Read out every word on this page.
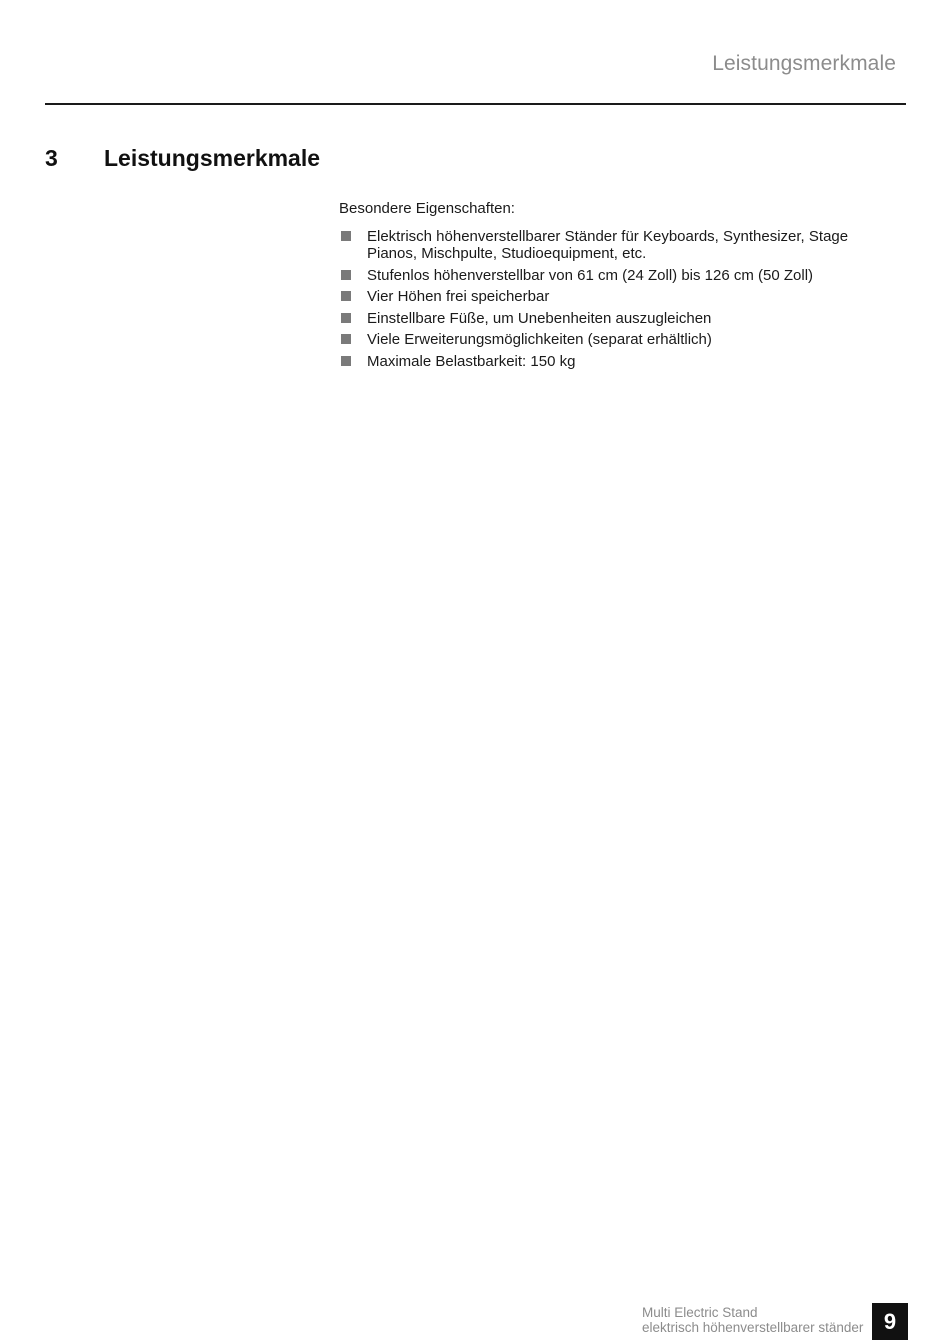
Leistungsmerkmale
3 Leistungsmerkmale

Besondere Eigenschaften:

Elektrisch höhenverstellbarer Ständer für Keyboards, Synthesizer, Stage Pianos, Mischpulte, Studioequipment, etc.
Stufenlos höhenverstellbar von 61 cm (24 Zoll) bis 126 cm (50 Zoll)
Vier Höhen frei speicherbar
Einstellbare Füße, um Unebenheiten auszugleichen
Viele Erweiterungsmöglichkeiten (separat erhältlich)
Maximale Belastbarkeit: 150 kg
Multi Electric Stand
elektrisch höhenverstellbarer ständer 9
